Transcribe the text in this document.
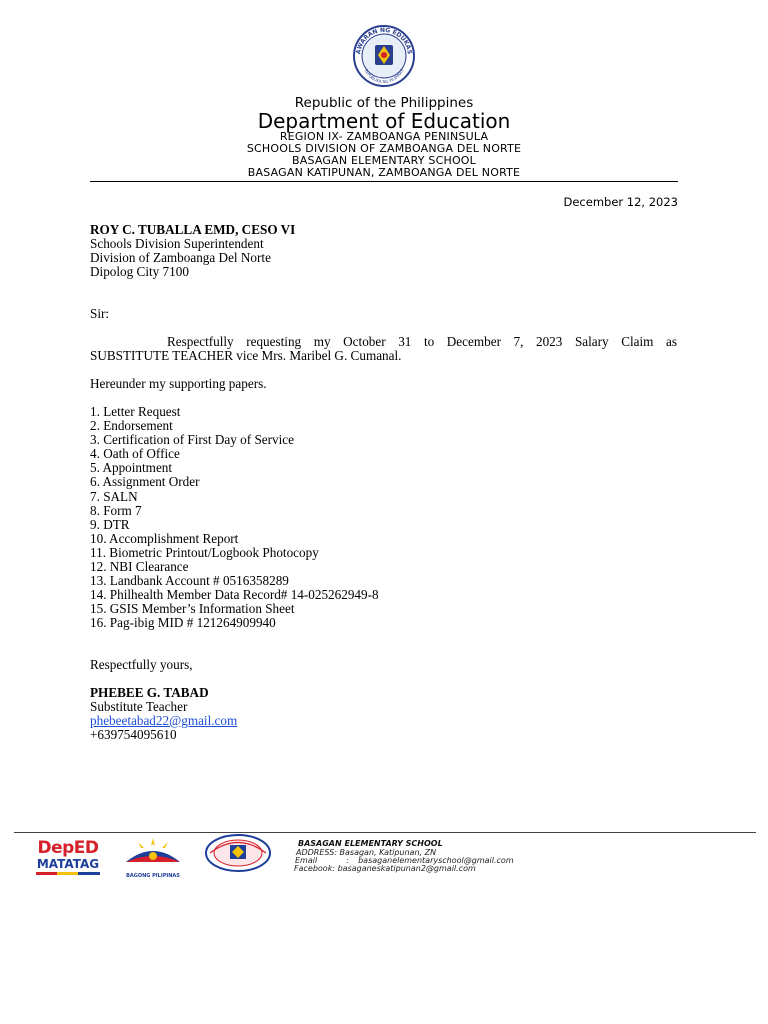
AWARAN NG EDUKAS
REPUBLIKA NG PILIPINAS
Republic of the Philippines
Department of Education
REGION IX- ZAMBOANGA PENINSULA
SCHOOLS DIVISION OF ZAMBOANGA DEL NORTE
BASAGAN ELEMENTARY SCHOOL
BASAGAN KATIPUNAN, ZAMBOANGA DEL NORTE
December 12, 2023
ROY C. TUBALLA EMD, CESO VI
Schools Division Superintendent
Division of Zamboanga Del Norte
Dipolog City 7100
Sir:
Respectfully requesting my October 31 to December 7, 2023 Salary Claim as
SUBSTITUTE TEACHER vice Mrs. Maribel G. Cumanal.
Hereunder my supporting papers.
1. Letter Request
2. Endorsement
3. Certification of First Day of Service
4. Oath of Office
5. Appointment
6. Assignment Order
7. SALN
8. Form 7
9. DTR
10. Accomplishment Report
11. Biometric Printout/Logbook Photocopy
12. NBI Clearance
13. Landbank Account # 0516358289
14. Philhealth Member Data Record# 14-025262949-8
15. GSIS Member’s Information Sheet
16. Pag-ibig MID # 121264909940
Respectfully yours,
PHEBEE G. TABAD
Substitute Teacher
phebeetabad22@gmail.com
+639754095610
DepED
MATATAG
BAGONG PILIPINAS
BASAGAN ELEMENTARY SCHOOL
ADDRESS: Basagan, Katipunan, ZN
Email	: basaganelementaryschool@gmail.com
Facebook: basaganeskatipunan2@gmail.com
